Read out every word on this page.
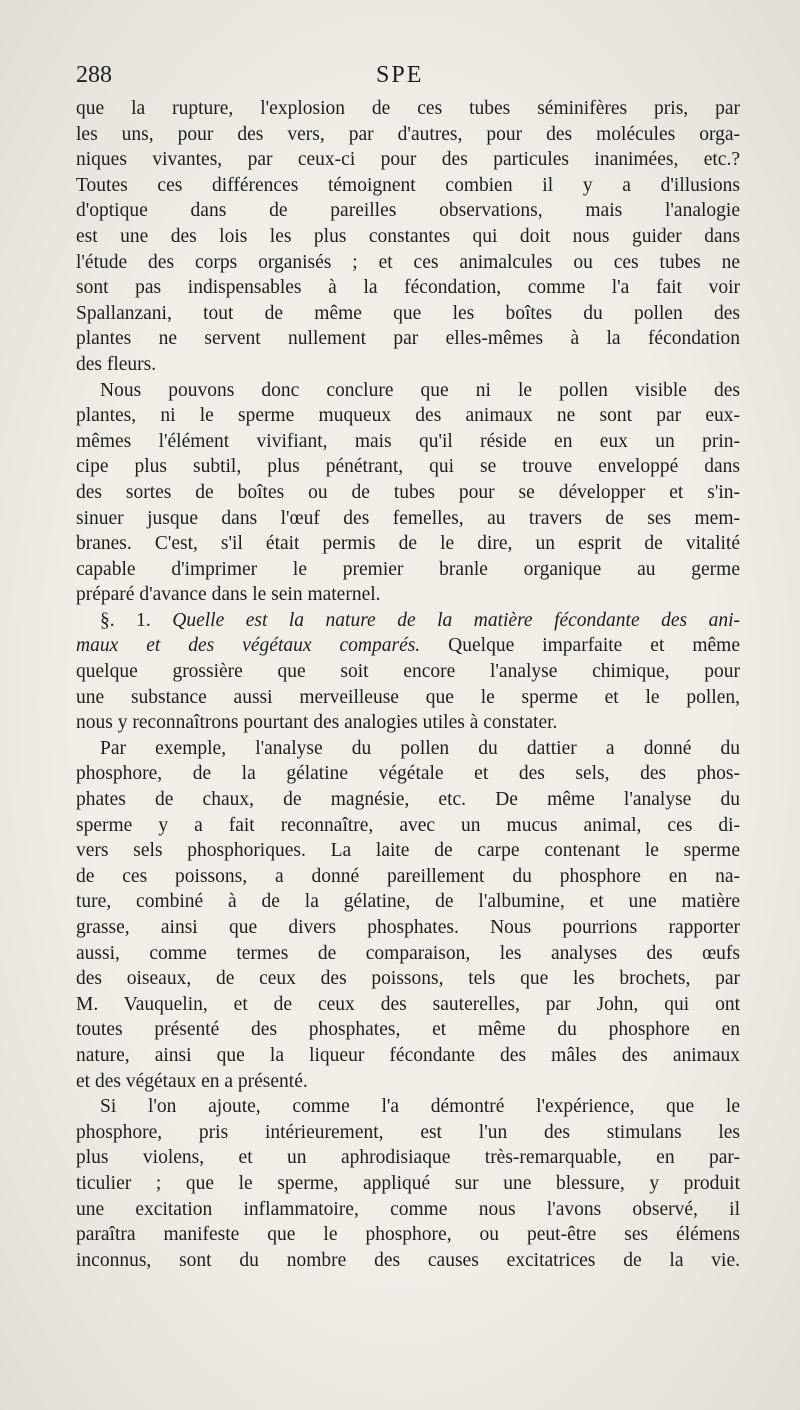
288	SPE
que la rupture, l'explosion de ces tubes séminifères pris, par
les uns, pour des vers, par d'autres, pour des molécules orga-
niques vivantes, par ceux-ci pour des particules inanimées, etc.?
Toutes ces différences témoignent combien il y a d'illusions
d'optique dans de pareilles observations, mais l'analogie
est une des lois les plus constantes qui doit nous guider dans
l'étude des corps organisés ; et ces animalcules ou ces tubes ne
sont pas indispensables à la fécondation, comme l'a fait voir
Spallanzani, tout de même que les boîtes du pollen des
plantes ne servent nullement par elles-mêmes à la fécondation
des fleurs.
Nous pouvons donc conclure que ni le pollen visible des
plantes, ni le sperme muqueux des animaux ne sont par eux-
mêmes l'élément vivifiant, mais qu'il réside en eux un prin-
cipe plus subtil, plus pénétrant, qui se trouve enveloppé dans
des sortes de boîtes ou de tubes pour se développer et s'in-
sinuer jusque dans l'œuf des femelles, au travers de ses mem-
branes. C'est, s'il était permis de le dire, un esprit de vitalité
capable d'imprimer le premier branle organique au germe
préparé d'avance dans le sein maternel.
§. 1. Quelle est la nature de la matière fécondante des ani-
maux et des végétaux comparés. Quelque imparfaite et même
quelque grossière que soit encore l'analyse chimique, pour
une substance aussi merveilleuse que le sperme et le pollen,
nous y reconnaîtrons pourtant des analogies utiles à constater.
Par exemple, l'analyse du pollen du dattier a donné du
phosphore, de la gélatine végétale et des sels, des phos-
phates de chaux, de magnésie, etc. De même l'analyse du
sperme y a fait reconnaître, avec un mucus animal, ces di-
vers sels phosphoriques. La laite de carpe contenant le sperme
de ces poissons, a donné pareillement du phosphore en na-
ture, combiné à de la gélatine, de l'albumine, et une matière
grasse, ainsi que divers phosphates. Nous pourrions rapporter
aussi, comme termes de comparaison, les analyses des œufs
des oiseaux, de ceux des poissons, tels que les brochets, par
M. Vauquelin, et de ceux des sauterelles, par John, qui ont
toutes présenté des phosphates, et même du phosphore en
nature, ainsi que la liqueur fécondante des mâles des animaux
et des végétaux en a présenté.
Si l'on ajoute, comme l'a démontré l'expérience, que le
phosphore, pris intérieurement, est l'un des stimulans les
plus violens, et un aphrodisiaque très-remarquable, en par-
ticulier ; que le sperme, appliqué sur une blessure, y produit
une excitation inflammatoire, comme nous l'avons observé, il
paraîtra manifeste que le phosphore, ou peut-être ses élémens
inconnus, sont du nombre des causes excitatrices de la vie.
